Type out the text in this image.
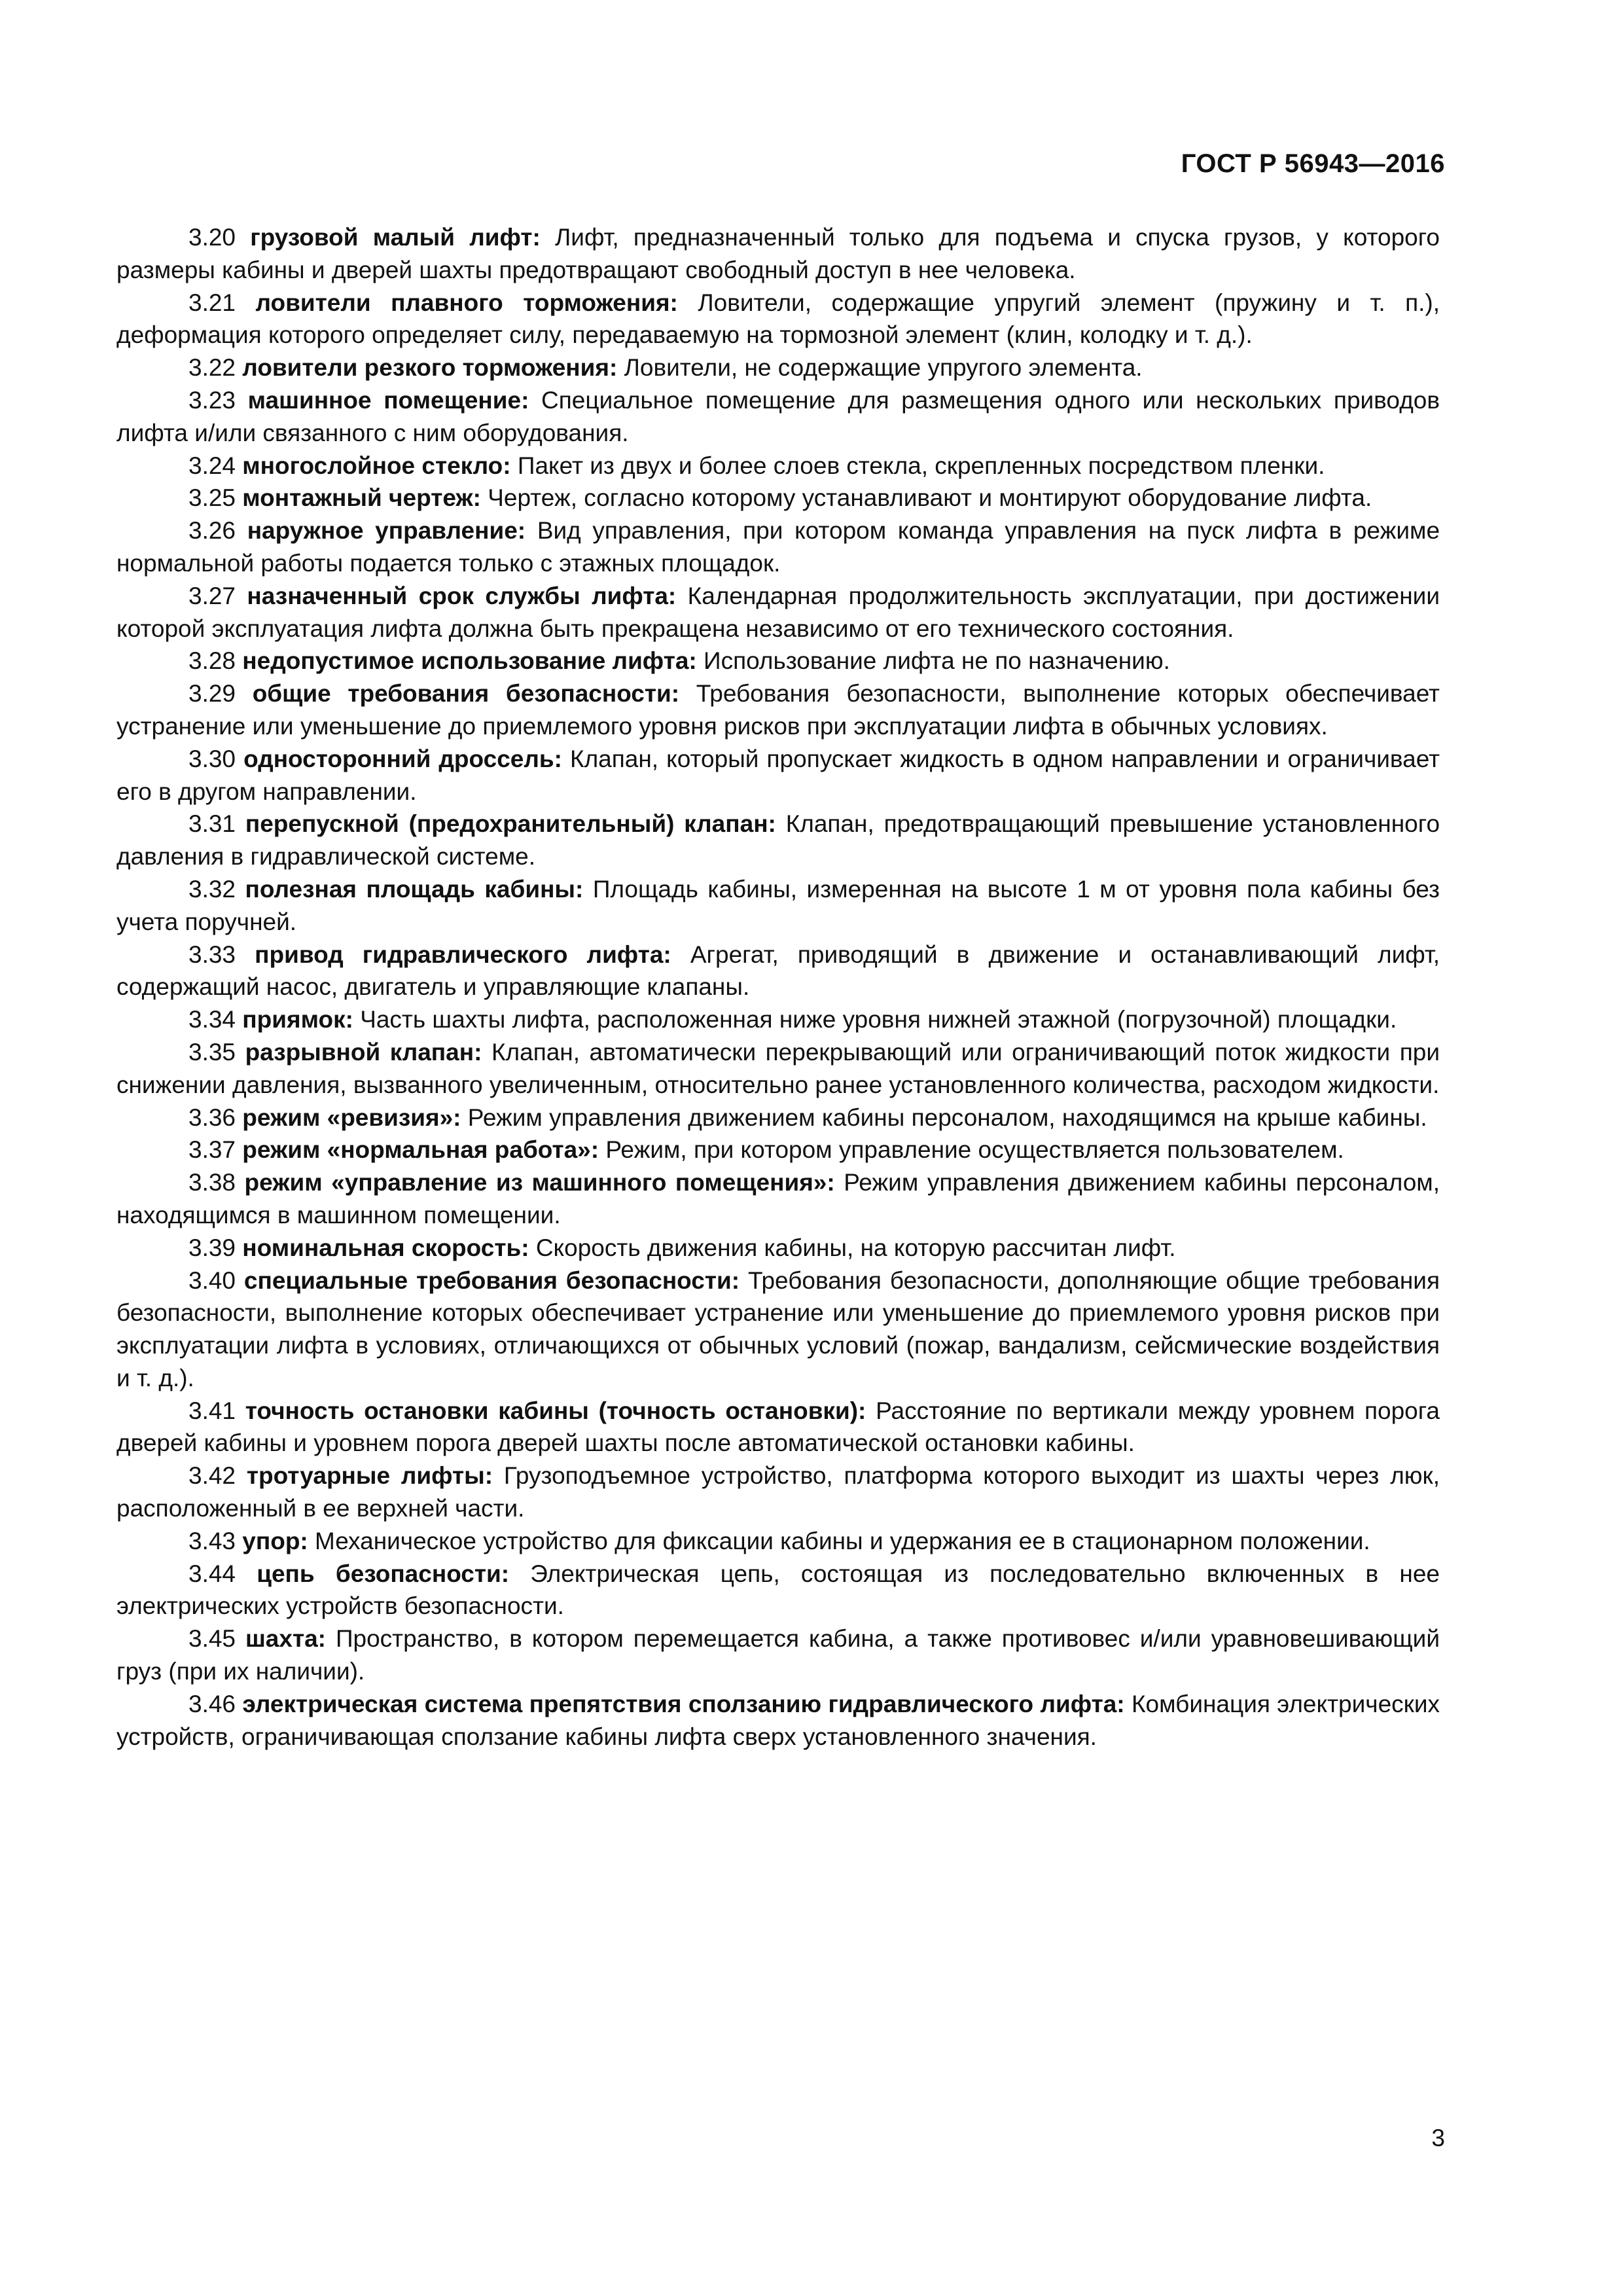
ГОСТ Р 56943—2016

3.20 грузовой малый лифт: Лифт, предназначенный только для подъема и спуска грузов, у которого размеры кабины и дверей шахты предотвращают свободный доступ в нее человека.

3.21 ловители плавного торможения: Ловители, содержащие упругий элемент (пружину и т. п.), деформация которого определяет силу, передаваемую на тормозной элемент (клин, колодку и т. д.).

3.22 ловители резкого торможения: Ловители, не содержащие упругого элемента.

3.23 машинное помещение: Специальное помещение для размещения одного или нескольких приводов лифта и/или связанного с ним оборудования.

3.24 многослойное стекло: Пакет из двух и более слоев стекла, скрепленных посредством пленки.

3.25 монтажный чертеж: Чертеж, согласно которому устанавливают и монтируют оборудование лифта.

3.26 наружное управление: Вид управления, при котором команда управления на пуск лифта в режиме нормальной работы подается только с этажных площадок.

3.27 назначенный срок службы лифта: Календарная продолжительность эксплуатации, при достижении которой эксплуатация лифта должна быть прекращена независимо от его технического состояния.

3.28 недопустимое использование лифта: Использование лифта не по назначению.

3.29 общие требования безопасности: Требования безопасности, выполнение которых обеспечивает устранение или уменьшение до приемлемого уровня рисков при эксплуатации лифта в обычных условиях.

3.30 односторонний дроссель: Клапан, который пропускает жидкость в одном направлении и ограничивает его в другом направлении.

3.31 перепускной (предохранительный) клапан: Клапан, предотвращающий превышение установленного давления в гидравлической системе.

3.32 полезная площадь кабины: Площадь кабины, измеренная на высоте 1 м от уровня пола кабины без учета поручней.

3.33 привод гидравлического лифта: Агрегат, приводящий в движение и останавливающий лифт, содержащий насос, двигатель и управляющие клапаны.

3.34 приямок: Часть шахты лифта, расположенная ниже уровня нижней этажной (погрузочной) площадки.

3.35 разрывной клапан: Клапан, автоматически перекрывающий или ограничивающий поток жидкости при снижении давления, вызванного увеличенным, относительно ранее установленного количества, расходом жидкости.

3.36 режим «ревизия»: Режим управления движением кабины персоналом, находящимся на крыше кабины.

3.37 режим «нормальная работа»: Режим, при котором управление осуществляется пользователем.

3.38 режим «управление из машинного помещения»: Режим управления движением кабины персоналом, находящимся в машинном помещении.

3.39 номинальная скорость: Скорость движения кабины, на которую рассчитан лифт.

3.40 специальные требования безопасности: Требования безопасности, дополняющие общие требования безопасности, выполнение которых обеспечивает устранение или уменьшение до приемлемого уровня рисков при эксплуатации лифта в условиях, отличающихся от обычных условий (пожар, вандализм, сейсмические воздействия и т. д.).

3.41 точность остановки кабины (точность остановки): Расстояние по вертикали между уровнем порога дверей кабины и уровнем порога дверей шахты после автоматической остановки кабины.

3.42 тротуарные лифты: Грузоподъемное устройство, платформа которого выходит из шахты через люк, расположенный в ее верхней части.

3.43 упор: Механическое устройство для фиксации кабины и удержания ее в стационарном положении.

3.44 цепь безопасности: Электрическая цепь, состоящая из последовательно включенных в нее электрических устройств безопасности.

3.45 шахта: Пространство, в котором перемещается кабина, а также противовес и/или уравновешивающий груз (при их наличии).

3.46 электрическая система препятствия сползанию гидравлического лифта: Комбинация электрических устройств, ограничивающая сползание кабины лифта сверх установленного значения.

3
